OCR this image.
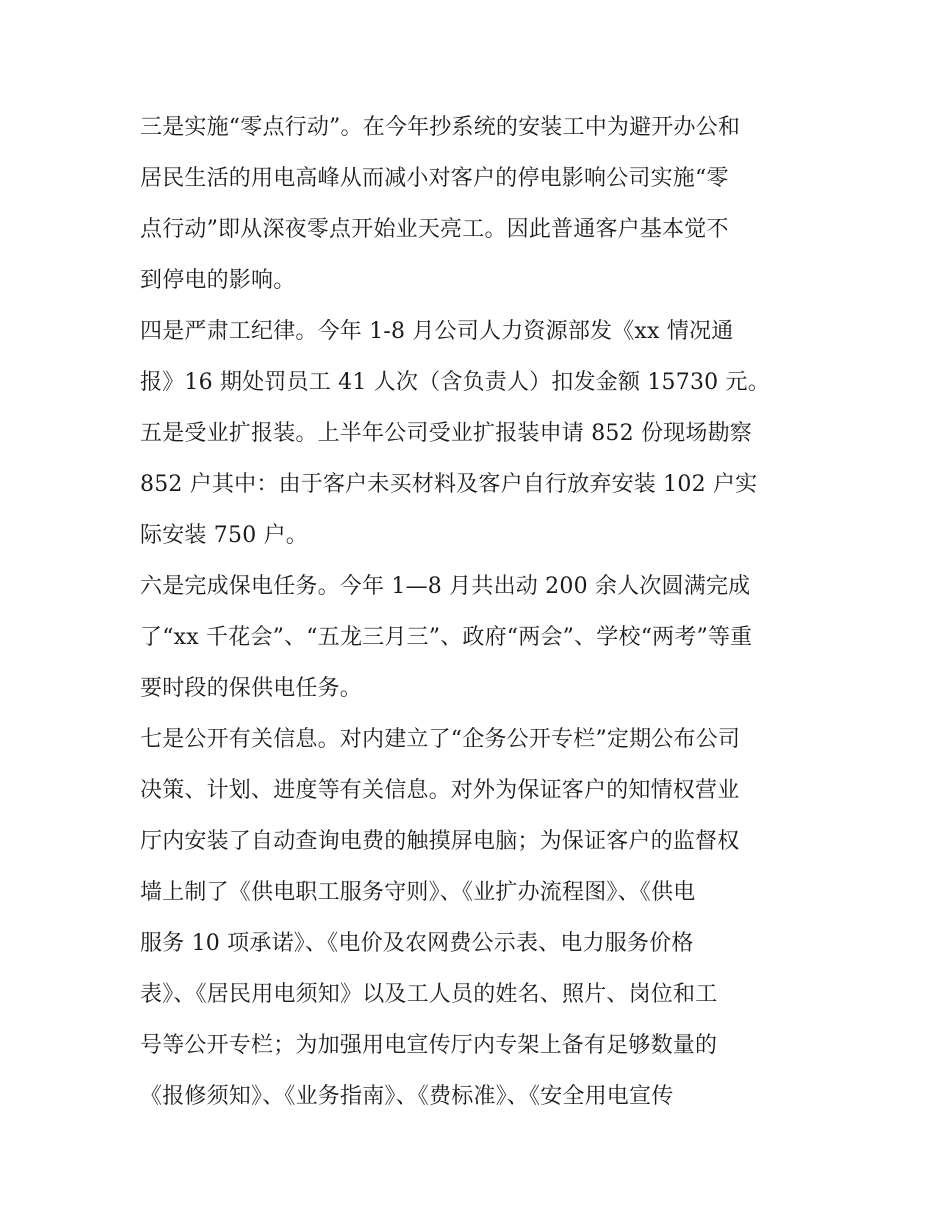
三是实施“零点行动”。在今年抄系统的安装工中为避开办公和
居民生活的用电高峰从而减小对客户的停电影响公司实施“零
点行动”即从深夜零点开始业天亮工。因此普通客户基本觉不
到停电的影响。
四是严肃工纪律。今年 1-8 月公司人力资源部发《xx 情况通
报》16 期处罚员工 41 人次（含负责人）扣发金额 15730 元。
五是受业扩报装。上半年公司受业扩报装申请 852 份现场勘察
852 户其中：由于客户未买材料及客户自行放弃安装 102 户实
际安装 750 户。
六是完成保电任务。今年 1—8 月共出动 200 余人次圆满完成
了“xx 千花会”、“五龙三月三”、政府“两会”、学校“两考”等重
要时段的保供电任务。
七是公开有关信息。对内建立了“企务公开专栏”定期公布公司
决策、计划、进度等有关信息。对外为保证客户的知情权营业
厅内安装了自动查询电费的触摸屏电脑；为保证客户的监督权
墙上制了《供电职工服务守则》、《业扩办流程图》、《供电
服务 10 项承诺》、《电价及农网费公示表、电力服务价格
表》、《居民用电须知》以及工人员的姓名、照片、岗位和工
号等公开专栏；为加强用电宣传厅内专架上备有足够数量的
《报修须知》、《业务指南》、《费标准》、《安全用电宣传
